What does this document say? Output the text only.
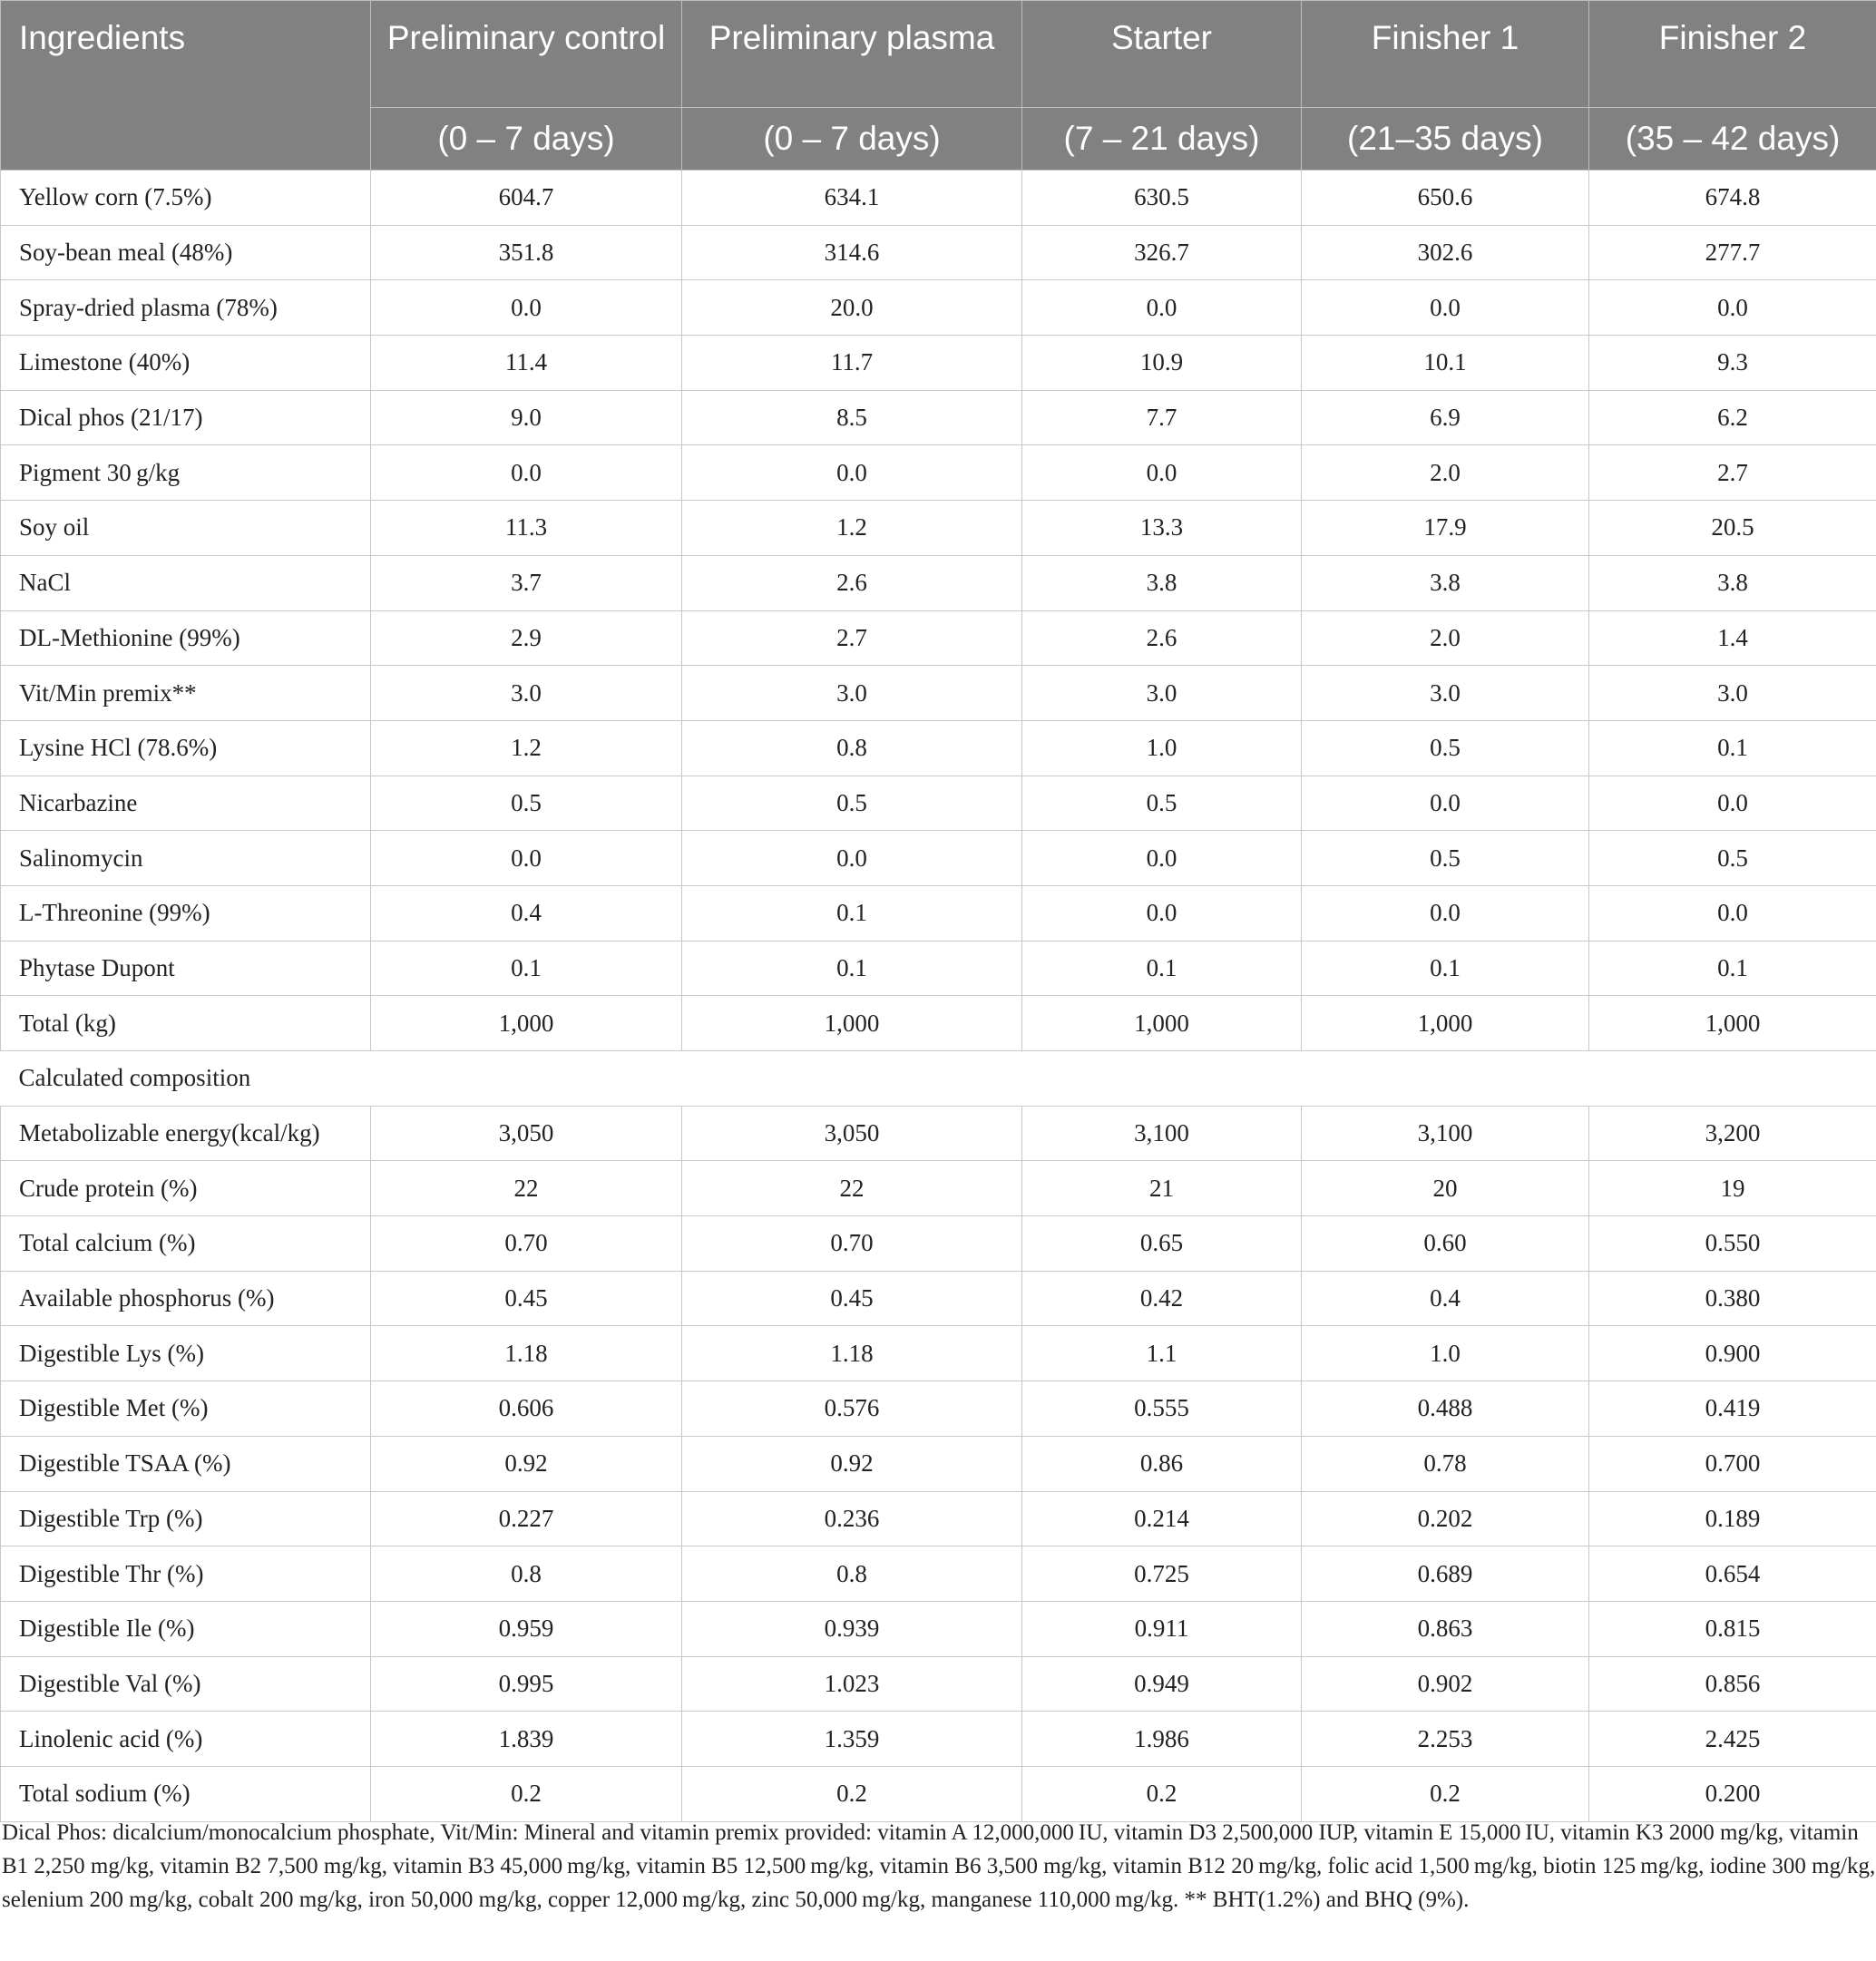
Ingredients	Preliminary control	Preliminary plasma	Starter	Finisher 1	Finisher 2
	(0 – 7 days)	(0 – 7 days)	(7 – 21 days)	(21–35 days)	(35 – 42 days)
Yellow corn (7.5%)	604.7	634.1	630.5	650.6	674.8
Soy-bean meal (48%)	351.8	314.6	326.7	302.6	277.7
Spray-dried plasma (78%)	0.0	20.0	0.0	0.0	0.0
Limestone (40%)	11.4	11.7	10.9	10.1	9.3
Dical phos (21/17)	9.0	8.5	7.7	6.9	6.2
Pigment 30 g/kg	0.0	0.0	0.0	2.0	2.7
Soy oil	11.3	1.2	13.3	17.9	20.5
NaCl	3.7	2.6	3.8	3.8	3.8
DL-Methionine (99%)	2.9	2.7	2.6	2.0	1.4
Vit/Min premix**	3.0	3.0	3.0	3.0	3.0
Lysine HCl (78.6%)	1.2	0.8	1.0	0.5	0.1
Nicarbazine	0.5	0.5	0.5	0.0	0.0
Salinomycin	0.0	0.0	0.0	0.5	0.5
L-Threonine (99%)	0.4	0.1	0.0	0.0	0.0
Phytase Dupont	0.1	0.1	0.1	0.1	0.1
Total (kg)	1,000	1,000	1,000	1,000	1,000
Calculated composition					
Metabolizable energy(kcal/kg)	3,050	3,050	3,100	3,100	3,200
Crude protein (%)	22	22	21	20	19
Total calcium (%)	0.70	0.70	0.65	0.60	0.550
Available phosphorus (%)	0.45	0.45	0.42	0.4	0.380
Digestible Lys (%)	1.18	1.18	1.1	1.0	0.900
Digestible Met (%)	0.606	0.576	0.555	0.488	0.419
Digestible TSAA (%)	0.92	0.92	0.86	0.78	0.700
Digestible Trp (%)	0.227	0.236	0.214	0.202	0.189
Digestible Thr (%)	0.8	0.8	0.725	0.689	0.654
Digestible Ile (%)	0.959	0.939	0.911	0.863	0.815
Digestible Val (%)	0.995	1.023	0.949	0.902	0.856
Linolenic acid (%)	1.839	1.359	1.986	2.253	2.425
Total sodium (%)	0.2	0.2	0.2	0.2	0.200
Dical Phos: dicalcium/monocalcium phosphate, Vit/Min: Mineral and vitamin premix provided: vitamin A 12,000,000 IU, vitamin D3 2,500,000 IUP, vitamin E 15,000 IU, vitamin K3 2000 mg/kg, vitamin B1 2,250 mg/kg, vitamin B2 7,500 mg/kg, vitamin B3 45,000 mg/kg, vitamin B5 12,500 mg/kg, vitamin B6 3,500 mg/kg, vitamin B12 20 mg/kg, folic acid 1,500 mg/kg, biotin 125 mg/kg, iodine 300 mg/kg, selenium 200 mg/kg, cobalt 200 mg/kg, iron 50,000 mg/kg, copper 12,000 mg/kg, zinc 50,000 mg/kg, manganese 110,000 mg/kg. ** BHT(1.2%) and BHQ (9%).
